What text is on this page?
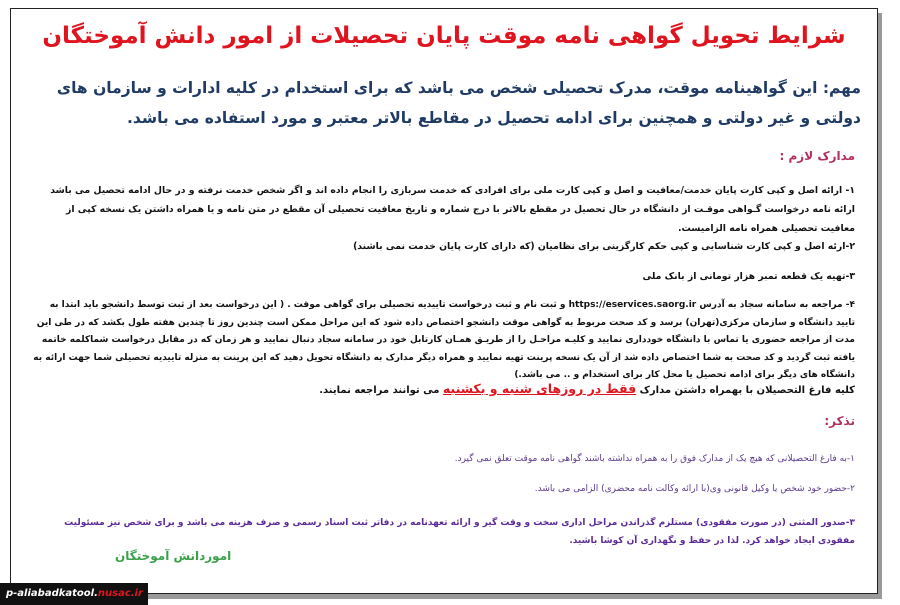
شرایط تحویل گواهی نامه موقت پایان تحصیلات از امور دانش آموختگان
مهم: این گواهینامه موقت، مدرک تحصیلی شخص می باشد که برای استخدام در کلیه ادارات و سازمان های دولتی و غیر دولتی و همچنین برای ادامه تحصیل در مقاطع بالاتر معتبر و مورد استفاده می باشد.
مدارک لازم :
۱- ارائه اصل و کپی کارت پایان خدمت/معافیت و اصل و کپی کارت ملی برای افرادی که خدمت سربازی را انجام داده اند و اگر شخص خدمت نرفته و در حال ادامه تحصیل می باشد ارائه نامه درخواست گـواهی موقـت از دانشگاه در حال تحصیل در مقطع بالاتر با درج شماره و تاریخ معافیت تحصیلی آن مقطع در متن نامه و یا همراه داشتن یک نسخه کپی از معافیت تحصیلی همراه نامه الزامیست.
۲-ارئه اصل و کپی کارت شناسایی و کپی حکم کارگزینی برای نظامیان (که دارای کارت پایان خدمت نمی باشند)
۳-تهیه یک قطعه تمبر هزار تومانی از بانک ملی
۴- مراجعه به سامانه سجاد به آدرس https://eservices.saorg.ir و ثبت نام و ثبت درخواست تاییدیه تحصیلی برای گواهی موقت . ( این درخواست بعد از ثبت توسط دانشجو باید ابتدا به تایید دانشگاه و سازمان مرکزی(تهران) برسد و کد صحت مربوط به گواهی موقت دانشجو اختصاص داده شود که این مراحل ممکن است چندین روز تا چندین هفته طول بکشد که در طی این مدت از مراجعه حضوری یا تماس با دانشگاه خودداری نمایید و کلیـه مراحـل را از طریـق همـان کارتابل خود در سامانه سجاد دنبال نمایید و هر زمان که در مقابل درخواست شماکلمه خاتمه یافته ثبت گردید و کد صحت به شما اختصاص داده شد از آن یک نسخه پرینت تهیه نمایید و همراه دیگر مدارک به دانشگاه تحویل دهید که این پرینت به منزله تاییدیه تحصیلی شما جهت ارائه به دانشگاه های دیگر برای ادامه تحصیل یا محل کار برای استخدام و .. می باشد.)
کلیه فارغ التحصیلان با بهمراه داشتن مدارک فقط در روزهای شنبه و یکشنبه می توانند مراجعه نمایند.
تذکر:
۱-به فارغ التحصیلانی که هیچ یک از مدارک فوق را به همراه نداشته باشند گواهی نامه موقت تعلق نمی گیرد.
۲-حضور خود شخص یا وکیل قانونی وی(با ارائه وکالت نامه محضری) الزامی می باشد.
۳-صدور المثنی (در صورت مفقودی) مستلزم گذراندن مراحل اداری سخت و وقت گیر و ارائه تعهدنامه در دفاتر ثبت اسناد رسمی و صرف هزینه می باشد و برای شخص نیز مسئولیت مفقودی ایجاد خواهد کرد. لذا در حفظ و نگهداری آن کوشا باشید.
اموردانش آموختگان
p-aliabadkatool.nusac.ir
